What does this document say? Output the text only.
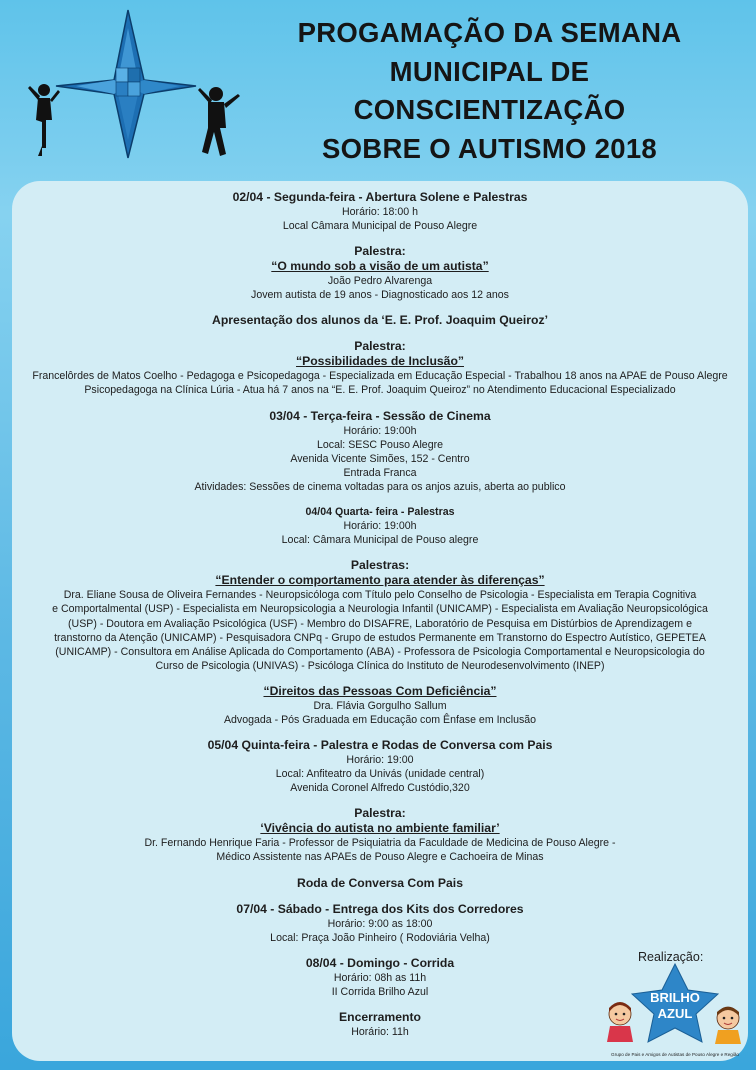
PROGAMAÇÃO DA SEMANA
MUNICIPAL DE
CONSCIENTIZAÇÃO
SOBRE O AUTISMO 2018

02/04 - Segunda-feira - Abertura Solene e Palestras

Horário: 18:00 h

Local Câmara Municipal de Pouso Alegre

Palestra:

“O mundo sob a visão de um autista”

João Pedro Alvarenga

Jovem autista de 19 anos - Diagnosticado aos 12 anos

Apresentação dos alunos da ‘E. E. Prof. Joaquim Queiroz’

Palestra:

“Possibilidades de Inclusão”

Francelôrdes de Matos Coelho - Pedagoga e Psicopedagoga - Especializada em Educação Especial - Trabalhou 18 anos na APAE de Pouso Alegre

Psicopedagoga na Clínica Lúria - Atua há 7 anos na “E. E. Prof. Joaquim Queiroz” no Atendimento Educacional Especializado

03/04 - Terça-feira - Sessão de Cinema

Horário: 19:00h

Local: SESC Pouso Alegre

Avenida Vicente Simões, 152 - Centro

Entrada Franca

Atividades: Sessões de cinema voltadas para os anjos azuis, aberta ao publico

04/04 Quarta- feira - Palestras

Horário: 19:00h

Local: Câmara Municipal de Pouso alegre

Palestras:

“Entender o comportamento para atender às diferenças”

Dra. Eliane Sousa de Oliveira Fernandes - Neuropsicóloga com Título pelo Conselho de Psicologia - Especialista em Terapia Cognitiva

e Comportalmental (USP) - Especialista em Neuropsicologia a Neurologia Infantil (UNICAMP) - Especialista em Avaliação Neuropsicológica

(USP) - Doutora em Avaliação Psicológica (USF) - Membro do DISAFRE, Laboratório de Pesquisa em Distúrbios de Aprendizagem e

transtorno da Atenção (UNICAMP) - Pesquisadora CNPq - Grupo de estudos Permanente em Transtorno do Espectro Autístico, GEPETEA

(UNICAMP) - Consultora em Análise Aplicada do Comportamento (ABA) - Professora de Psicologia Comportamental e Neuropsicologia do

Curso de Psicologia (UNIVAS) - Psicóloga Clínica do Instituto de Neurodesenvolvimento (INEP)

“Direitos das Pessoas Com Deficiência”

Dra. Flávia Gorgulho Sallum

Advogada - Pós Graduada em Educação com Ênfase em Inclusão

05/04 Quinta-feira - Palestra e Rodas de Conversa com Pais

Horário: 19:00

Local: Anfiteatro da Univás (unidade central)

Avenida Coronel Alfredo Custódio,320

Palestra:

‘Vivência do autista no ambiente familiar’

Dr. Fernando Henrique Faria - Professor de Psiquiatria da Faculdade de Medicina de Pouso Alegre -

Médico Assistente nas APAEs de Pouso Alegre e Cachoeira de Minas

Roda de Conversa Com Pais

07/04 - Sábado - Entrega dos Kits dos Corredores

Horário: 9:00 as 18:00

Local: Praça João Pinheiro ( Rodoviária Velha)

08/04 - Domingo - Corrida

Horário: 08h as 11h

II Corrida Brilho Azul

Encerramento

Horário: 11h

Realização:
BRILHO
AZUL
Grupo de Pais e Amigos de Autistas de Pouso Alegre e Região
